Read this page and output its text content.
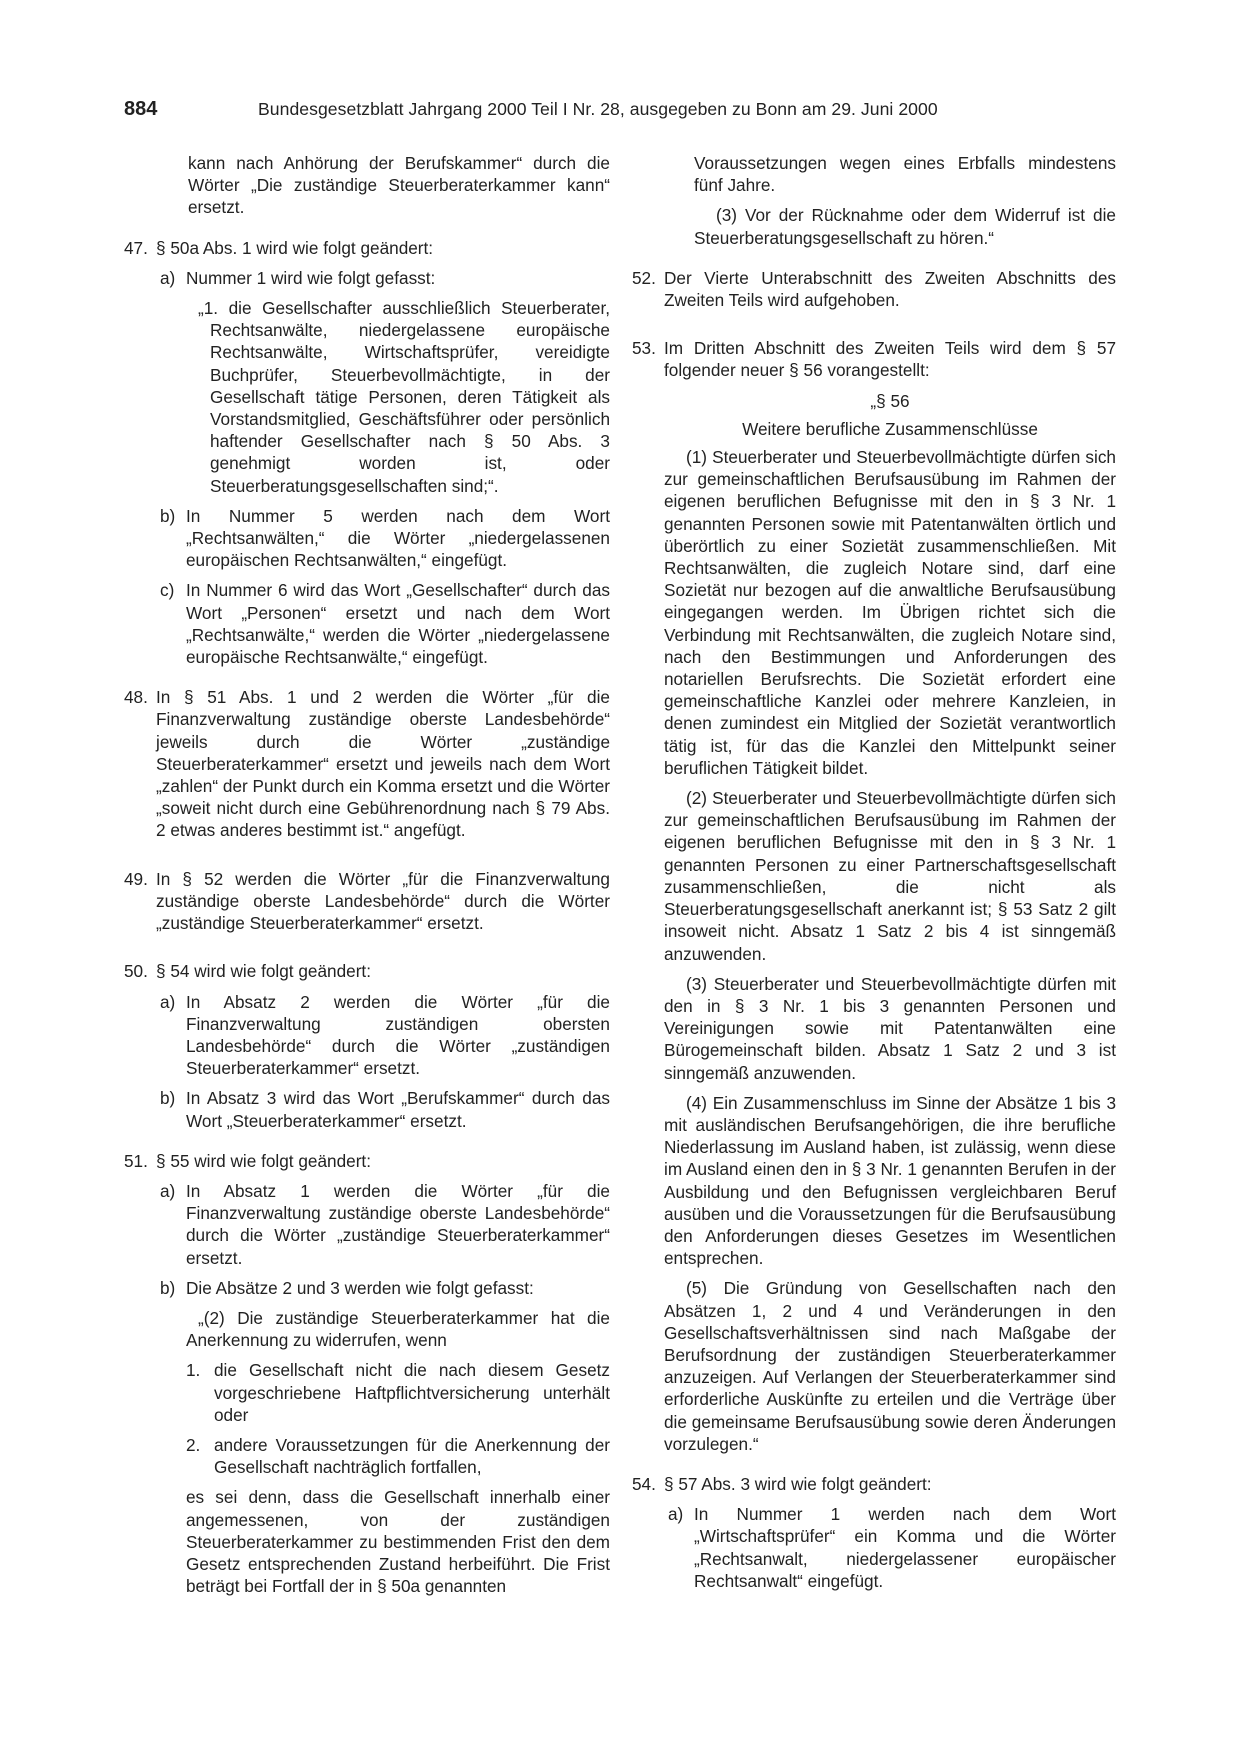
884	Bundesgesetzblatt Jahrgang 2000 Teil I Nr. 28, ausgegeben zu Bonn am 29. Juni 2000

kann nach Anhörung der Berufskammer“ durch die Wörter „Die zuständige Steuerberaterkammer kann“ ersetzt.

47. § 50a Abs. 1 wird wie folgt geändert:

a) Nummer 1 wird wie folgt gefasst:

„1. die Gesellschafter ausschließlich Steuerberater, Rechtsanwälte, niedergelassene europäische Rechtsanwälte, Wirtschaftsprüfer, vereidigte Buchprüfer, Steuerbevollmächtigte, in der Gesellschaft tätige Personen, deren Tätigkeit als Vorstandsmitglied, Geschäftsführer oder persönlich haftender Gesellschafter nach § 50 Abs. 3 genehmigt worden ist, oder Steuerberatungsgesellschaften sind;“.

b) In Nummer 5 werden nach dem Wort „Rechtsanwälten,“ die Wörter „niedergelassenen europäischen Rechtsanwälten,“ eingefügt.

c) In Nummer 6 wird das Wort „Gesellschafter“ durch das Wort „Personen“ ersetzt und nach dem Wort „Rechtsanwälte,“ werden die Wörter „niedergelassene europäische Rechtsanwälte,“ eingefügt.

48. In § 51 Abs. 1 und 2 werden die Wörter „für die Finanzverwaltung zuständige oberste Landesbehörde“ jeweils durch die Wörter „zuständige Steuerberaterkammer“ ersetzt und jeweils nach dem Wort „zahlen“ der Punkt durch ein Komma ersetzt und die Wörter „soweit nicht durch eine Gebührenordnung nach § 79 Abs. 2 etwas anderes bestimmt ist.“ angefügt.

49. In § 52 werden die Wörter „für die Finanzverwaltung zuständige oberste Landesbehörde“ durch die Wörter „zuständige Steuerberaterkammer“ ersetzt.

50. § 54 wird wie folgt geändert:

a) In Absatz 2 werden die Wörter „für die Finanzverwaltung zuständigen obersten Landesbehörde“ durch die Wörter „zuständigen Steuerberaterkammer“ ersetzt.

b) In Absatz 3 wird das Wort „Berufskammer“ durch das Wort „Steuerberaterkammer“ ersetzt.

51. § 55 wird wie folgt geändert:

a) In Absatz 1 werden die Wörter „für die Finanzverwaltung zuständige oberste Landesbehörde“ durch die Wörter „zuständige Steuerberaterkammer“ ersetzt.

b) Die Absätze 2 und 3 werden wie folgt gefasst:

„(2) Die zuständige Steuerberaterkammer hat die Anerkennung zu widerrufen, wenn

1. die Gesellschaft nicht die nach diesem Gesetz vorgeschriebene Haftpflichtversicherung unterhält oder

2. andere Voraussetzungen für die Anerkennung der Gesellschaft nachträglich fortfallen,

es sei denn, dass die Gesellschaft innerhalb einer angemessenen, von der zuständigen Steuerberaterkammer zu bestimmenden Frist den dem Gesetz entsprechenden Zustand herbeiführt. Die Frist beträgt bei Fortfall der in § 50a genannten

Voraussetzungen wegen eines Erbfalls mindestens fünf Jahre.

(3) Vor der Rücknahme oder dem Widerruf ist die Steuerberatungsgesellschaft zu hören.“

52. Der Vierte Unterabschnitt des Zweiten Abschnitts des Zweiten Teils wird aufgehoben.

53. Im Dritten Abschnitt des Zweiten Teils wird dem § 57 folgender neuer § 56 vorangestellt:

„§ 56

Weitere berufliche Zusammenschlüsse

(1) Steuerberater und Steuerbevollmächtigte dürfen sich zur gemeinschaftlichen Berufsausübung im Rahmen der eigenen beruflichen Befugnisse mit den in § 3 Nr. 1 genannten Personen sowie mit Patentanwälten örtlich und überörtlich zu einer Sozietät zusammenschließen. Mit Rechtsanwälten, die zugleich Notare sind, darf eine Sozietät nur bezogen auf die anwaltliche Berufsausübung eingegangen werden. Im Übrigen richtet sich die Verbindung mit Rechtsanwälten, die zugleich Notare sind, nach den Bestimmungen und Anforderungen des notariellen Berufsrechts. Die Sozietät erfordert eine gemeinschaftliche Kanzlei oder mehrere Kanzleien, in denen zumindest ein Mitglied der Sozietät verantwortlich tätig ist, für das die Kanzlei den Mittelpunkt seiner beruflichen Tätigkeit bildet.

(2) Steuerberater und Steuerbevollmächtigte dürfen sich zur gemeinschaftlichen Berufsausübung im Rahmen der eigenen beruflichen Befugnisse mit den in § 3 Nr. 1 genannten Personen zu einer Partnerschaftsgesellschaft zusammenschließen, die nicht als Steuerberatungsgesellschaft anerkannt ist; § 53 Satz 2 gilt insoweit nicht. Absatz 1 Satz 2 bis 4 ist sinngemäß anzuwenden.

(3) Steuerberater und Steuerbevollmächtigte dürfen mit den in § 3 Nr. 1 bis 3 genannten Personen und Vereinigungen sowie mit Patentanwälten eine Bürogemeinschaft bilden. Absatz 1 Satz 2 und 3 ist sinngemäß anzuwenden.

(4) Ein Zusammenschluss im Sinne der Absätze 1 bis 3 mit ausländischen Berufsangehörigen, die ihre berufliche Niederlassung im Ausland haben, ist zulässig, wenn diese im Ausland einen den in § 3 Nr. 1 genannten Berufen in der Ausbildung und den Befugnissen vergleichbaren Beruf ausüben und die Voraussetzungen für die Berufsausübung den Anforderungen dieses Gesetzes im Wesentlichen entsprechen.

(5) Die Gründung von Gesellschaften nach den Absätzen 1, 2 und 4 und Veränderungen in den Gesellschaftsverhältnissen sind nach Maßgabe der Berufsordnung der zuständigen Steuerberaterkammer anzuzeigen. Auf Verlangen der Steuerberaterkammer sind erforderliche Auskünfte zu erteilen und die Verträge über die gemeinsame Berufsausübung sowie deren Änderungen vorzulegen.“

54. § 57 Abs. 3 wird wie folgt geändert:

a) In Nummer 1 werden nach dem Wort „Wirtschaftsprüfer“ ein Komma und die Wörter „Rechtsanwalt, niedergelassener europäischer Rechtsanwalt“ eingefügt.
